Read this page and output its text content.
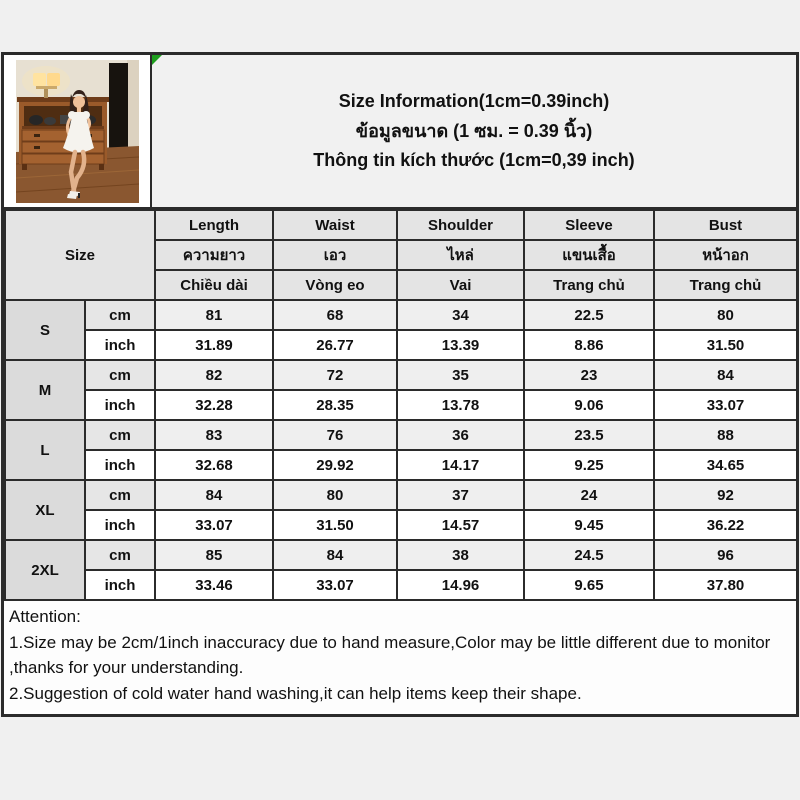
Size Information(1cm=0.39inch)
ข้อมูลขนาด (1 ซม. = 0.39 นิ้ว)
Thông tin kích thước (1cm=0,39 inch)
Size		Length	Waist	Shoulder	Sleeve	Bust
		ความยาว	เอว	ไหล่	แขนเสื้อ	หน้าอก
		Chiều dài	Vòng eo	Vai	Trang chủ	Trang chủ
S	cm	81	68	34	22.5	80
	inch	31.89	26.77	13.39	8.86	31.50
M	cm	82	72	35	23	84
	inch	32.28	28.35	13.78	9.06	33.07
L	cm	83	76	36	23.5	88
	inch	32.68	29.92	14.17	9.25	34.65
XL	cm	84	80	37	24	92
	inch	33.07	31.50	14.57	9.45	36.22
2XL	cm	85	84	38	24.5	96
	inch	33.46	33.07	14.96	9.65	37.80
Attention:
1.Size may be 2cm/1inch inaccuracy due to hand measure,Color may be little different due to monitor
,thanks for your understanding.
2.Suggestion of cold water hand washing,it can help items keep their shape.
